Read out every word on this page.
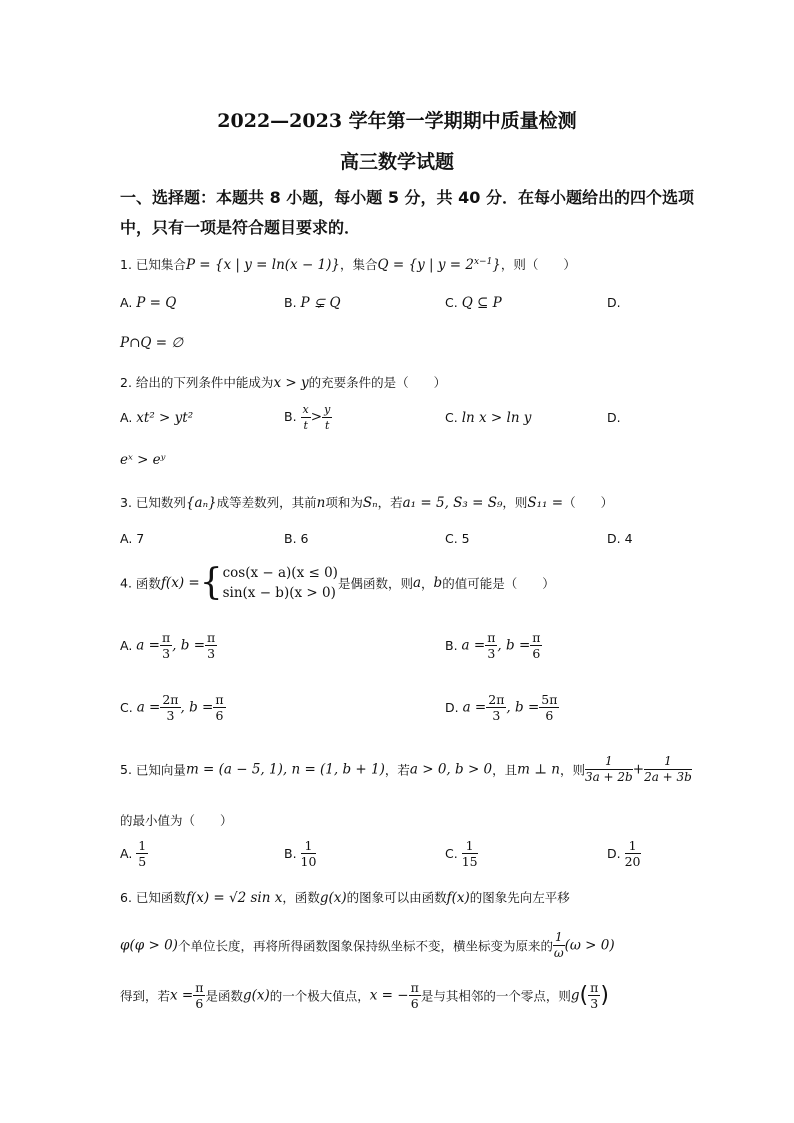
2022—2023 学年第一学期期中质量检测
高三数学试题
一、选择题：本题共 8 小题，每小题 5 分，共 40 分．在每小题给出的四个选项
中，只有一项是符合题目要求的．
1. 已知集合P = {x | y = ln(x − 1)}，集合Q = {y | $y = 2^{x-1}$}，则（　　）
A. P = Q	B. P ⊊ Q	C. Q ⊆ P	D.
P∩Q = ∅
2. 给出的下列条件中能成为x > y的充要条件的是（　　）
A. xt² > yt²	B. $\frac{x}{t} > \frac{y}{t}$	C. ln x > ln y	D.
eˣ > eʸ
3. 已知数列{aₙ}成等差数列，其前n项和为Sₙ，若a₁ = 5, S₃ = S₉，则S₁₁ =（　　）
A. 7	B. 6	C. 5	D. 4
4. 函数f(x) ={ cos(x − a)(x ≤ 0)
sin(x − b)(x > 0)
是偶函数，则a，b的值可能是（　　）
A. $a = \frac{\pi}{3}$ , $b = \frac{\pi}{3}$	B. $a = \frac{\pi}{3}$ , $b = \frac{\pi}{6}$
C. $a = \frac{2\pi}{3}$ , $b = \frac{\pi}{6}$	D. $a = \frac{2\pi}{3}$ , $b = \frac{5\pi}{6}$
5. 已知向量m = (a − 5, 1), n = (1, b + 1)，若a > 0, b > 0，且m ⊥ n，则 $\frac{1}{3a + 2b} + \frac{1}{2a + 3b}$
的最小值为（　　）
A. $\frac{1}{5}$	B. $\frac{1}{10}$	C. $\frac{1}{15}$	D. $\frac{1}{20}$
6. 已知函数f(x) = √2 sin x，函数g(x)的图象可以由函数f(x)的图象先向左平移
φ(φ > 0)个单位长度，再将所得函数图象保持纵坐标不变，横坐标变为原来的 $\frac{1}{\omega} (\omega > 0)$
得到，若$x = \frac{\pi}{6}$ 是函数g(x)的一个极大值点，x = − $\frac{\pi}{6}$ 是与其相邻的一个零点，则$g( \frac{\pi}{3}$ )
